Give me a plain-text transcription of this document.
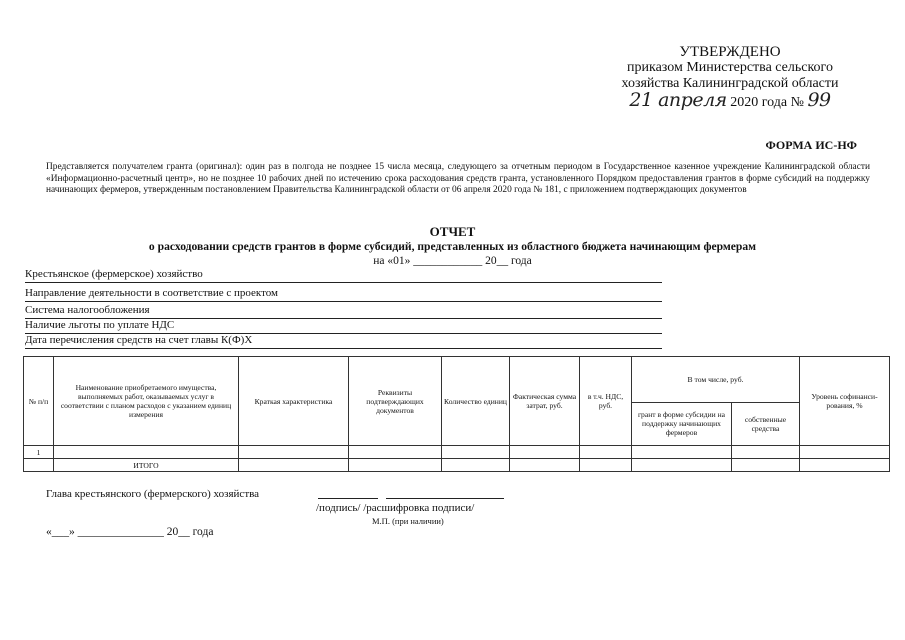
УТВЕРЖДЕНО
приказом Министерства сельского
хозяйства Калининградской области
21 апреля 2020 года № 99
ФОРМА ИС-НФ
Представляется получателем гранта (оригинал): один раз в полгода не позднее 15 числа месяца, следующего за отчетным периодом в Государственное казенное учреждение Калининградской области «Информационно-расчетный центр», но не позднее 10 рабочих дней по истечению срока расходования средств гранта, установленного Порядком предоставления грантов в форме субсидий на поддержку начинающих фермеров, утвержденным постановлением Правительства Калининградской области от 06 апреля 2020 года № 181, с приложением подтверждающих документов
ОТЧЕТ
о расходовании средств грантов в форме субсидий, представленных из областного бюджета начинающим фермерам
на «01» ____________ 20__ года
Крестьянское (фермерское) хозяйство
Направление деятельности в соответствие с проектом
Система налогообложения
Наличие льготы по уплате НДС
Дата перечисления средств на счет главы К(Ф)Х
№ п/п	Наименование приобретаемого имущества, выполняемых работ, оказываемых услуг в соответствии с планом расходов с указанием единиц измерения	Краткая характеристика	Реквизиты подтверждающих документов	Количество единиц	Фактическая сумма затрат, руб.	в т.ч. НДС, руб.	В том числе, руб.		Уровень софинанси-рования, %
							грант в форме субсидии на поддержку начинающих фермеров	собственные средства	
1									
	ИТОГО								
Глава крестьянского (фермерского) хозяйства
/подпись/ /расшифровка подписи/
М.П. (при наличии)
«___» _______________ 20__ года
